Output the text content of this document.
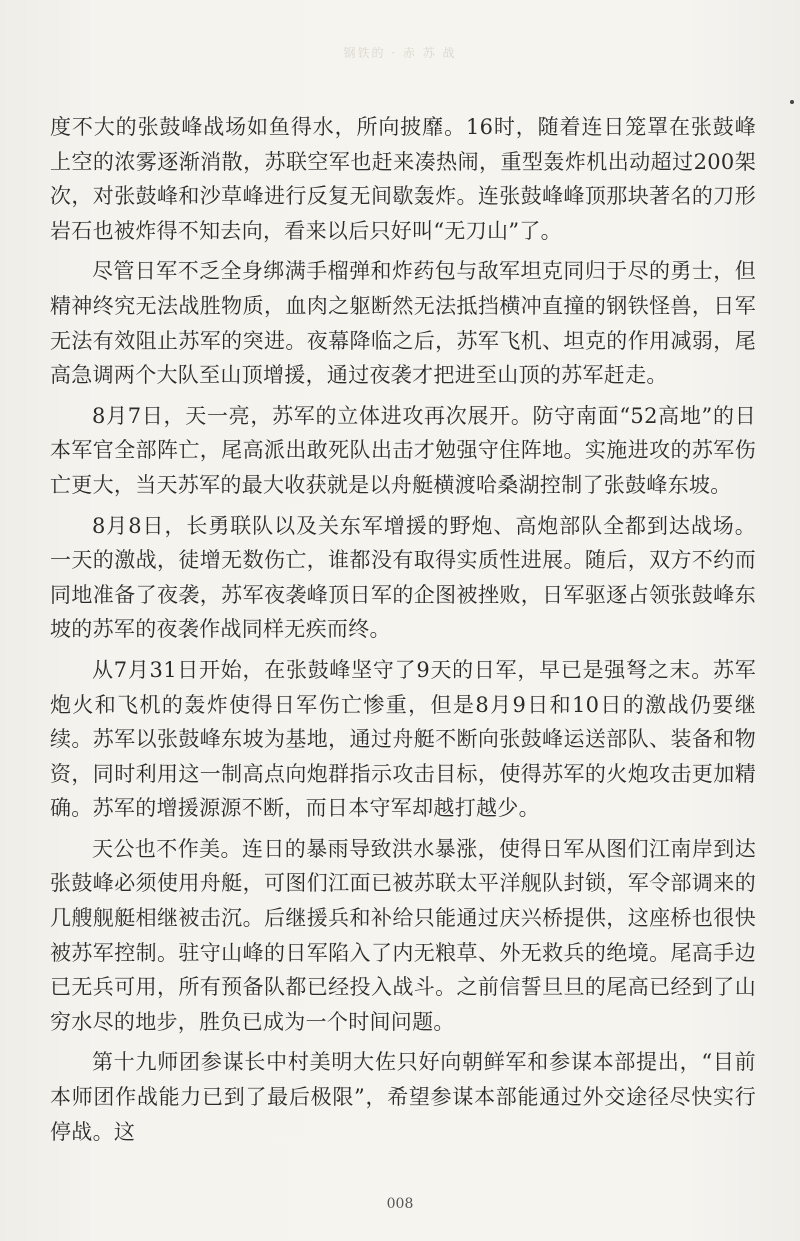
钢铁的 · 赤 苏 战

度不大的张鼓峰战场如鱼得水，所向披靡。16时，随着连日笼罩在张鼓峰上空的浓雾逐渐消散，苏联空军也赶来凑热闹，重型轰炸机出动超过200架次，对张鼓峰和沙草峰进行反复无间歇轰炸。连张鼓峰峰顶那块著名的刀形岩石也被炸得不知去向，看来以后只好叫“无刀山”了。

尽管日军不乏全身绑满手榴弹和炸药包与敌军坦克同归于尽的勇士，但精神终究无法战胜物质，血肉之躯断然无法抵挡横冲直撞的钢铁怪兽，日军无法有效阻止苏军的突进。夜幕降临之后，苏军飞机、坦克的作用减弱，尾高急调两个大队至山顶增援，通过夜袭才把进至山顶的苏军赶走。

8月7日，天一亮，苏军的立体进攻再次展开。防守南面“52高地”的日本军官全部阵亡，尾高派出敢死队出击才勉强守住阵地。实施进攻的苏军伤亡更大，当天苏军的最大收获就是以舟艇横渡哈桑湖控制了张鼓峰东坡。

8月8日，长勇联队以及关东军增援的野炮、高炮部队全都到达战场。一天的激战，徒增无数伤亡，谁都没有取得实质性进展。随后，双方不约而同地准备了夜袭，苏军夜袭峰顶日军的企图被挫败，日军驱逐占领张鼓峰东坡的苏军的夜袭作战同样无疾而终。

从7月31日开始，在张鼓峰坚守了9天的日军，早已是强弩之末。苏军炮火和飞机的轰炸使得日军伤亡惨重，但是8月9日和10日的激战仍要继续。苏军以张鼓峰东坡为基地，通过舟艇不断向张鼓峰运送部队、装备和物资，同时利用这一制高点向炮群指示攻击目标，使得苏军的火炮攻击更加精确。苏军的增援源源不断，而日本守军却越打越少。

天公也不作美。连日的暴雨导致洪水暴涨，使得日军从图们江南岸到达张鼓峰必须使用舟艇，可图们江面已被苏联太平洋舰队封锁，军令部调来的几艘舰艇相继被击沉。后继援兵和补给只能通过庆兴桥提供，这座桥也很快被苏军控制。驻守山峰的日军陷入了内无粮草、外无救兵的绝境。尾高手边已无兵可用，所有预备队都已经投入战斗。之前信誓旦旦的尾高已经到了山穷水尽的地步，胜负已成为一个时间问题。

第十九师团参谋长中村美明大佐只好向朝鲜军和参谋本部提出，“目前本师团作战能力已到了最后极限”，希望参谋本部能通过外交途径尽快实行停战。这

008
